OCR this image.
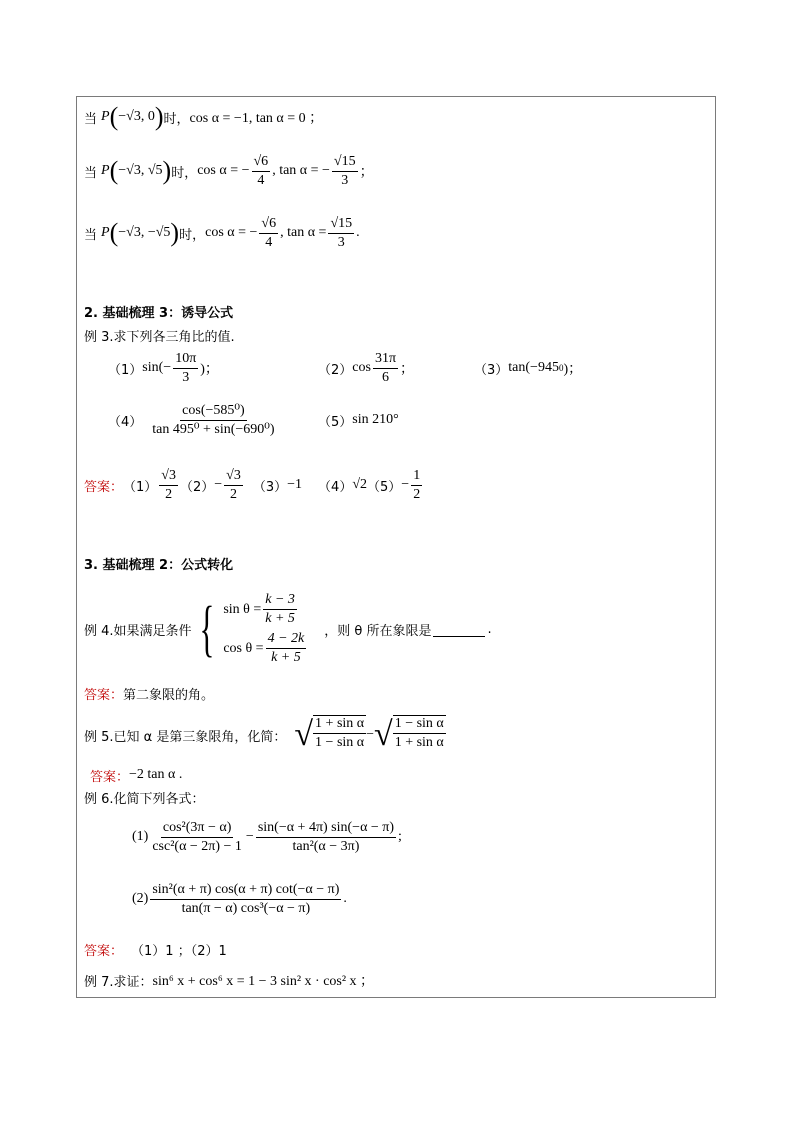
当 P ( −√3, 0 ) 时， cos α = −1, tan α = 0 ；
当 P ( −√3, √5 ) 时， cos α = − $\frac{√6}{4}$ , tan α = − $\frac{√15}{3}$ ；
当 P ( −√3, −√5 ) 时， cos α = − $\frac{√6}{4}$ , $\tan \alpha = \frac{√15}{3}$ .
2. 基础梳理 3：诱导公式
例 3.求下列各三角比的值.
（1） $\sin(- \frac{10\pi}{3}$ )；	（2） $\cos \frac{31\pi}{6}$ ；	（3） tan(−945 0 )；
$(4) \frac{\text{cos(−585⁰)}}{\text{tan 495⁰ + sin(−690⁰)}}$	（5） sin 210°
答案： $(1) \frac{√3}{2} (2) - \frac{√3}{2} (3) -1$ （4） √2 $(5) - \frac{1}{2}$
3. 基础梳理 2：公式转化
例 4.如果满足条件 { $\sin \theta = \frac{k - 3}{k + 5}$
$\cos \theta = \frac{4 - 2k}{k + 5}$ ，则 θ 所在象限是	.
答案： 第二象限的角。
例 5.已知 α 是第三象限角，化简： √ $\frac{\text{1 + sin α}}{\text{1 − sin α}}$ − √ $\frac{\text{1 − sin α}}{\text{1 + sin α}}$
答案： −2 tan α .
例 6.化简下列各式：
$(1) \frac{\text{cos²(3π − α)}}{\text{csc²(α − 2π) − 1}} - \frac{\sin(-\alpha + 4\pi) \sin(-\alpha - \pi)}{\text{tan²(α − 3π)}}$ ;
$(2) \frac{\text{sin²(α + π) cos(α + π) cot(−α − π)}}{\text{tan(π − α) cos³(−α − π)}}$ .
答案： （1）1 ；（2）1
例 7.求证： sin⁶ x + cos⁶ x = 1 − 3 sin² x · cos² x ；
